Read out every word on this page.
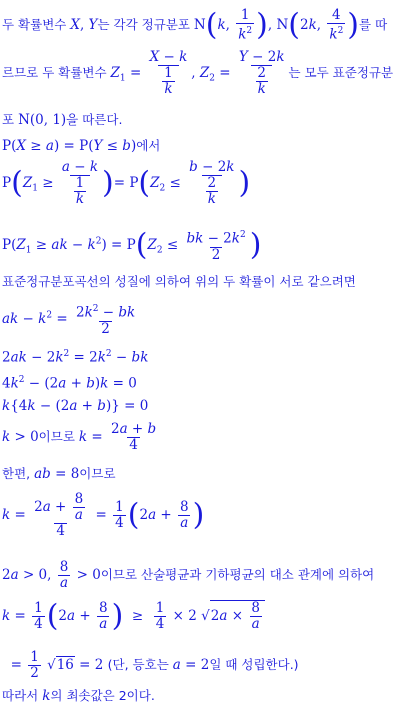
두 확률변수 X, Y는 각각 정규분포 N(k, $\frac{1}{k^2}$ ), N(2k, $\frac{4}{k^2}$ )를 따
르므로 두 확률변수 $Z_1 = \frac{X - k}{\frac{1}{k}}$ , $Z_2 = \frac{Y - 2k}{\frac{2}{k}}$ 는 모두 표준정규분
포 N(0, 1)을 따른다.
P(X ≥ a) = P(Y ≤ b)에서
$P(Z_1 \ge \frac{a - k}{\frac{1}{k}}$ )= $P(Z_2 \le \frac{b - 2k}{\frac{2}{k}}$ )
$P(Z_1$ ≥ ak − $k^2) = P(Z_2 \le \frac{bk - 2k^2}{2}$ )
표준정규분포곡선의 성질에 의하여 위의 두 확률이 서로 같으려면
ak − $k^2 = \frac{2k^2 - bk}{2}$
$2ak - 2k^2 = 2k^2$ − bk
$4k^2 - (2a + b)k = 0$
k{4k − (2a + b)} = 0
k > 0이므로 $k = \frac{2a + b}{4}$
한편, ab = 8이므로
$k = \frac{2a + \frac{8}{a}}{4} = \frac{1}{4} (2a + \frac{8}{a}$ )
2a > 0, $\frac{8}{a} > 0$이므로 산술평균과 기하평균의 대소 관계에 의하여
$k = \frac{1}{4} (2a + \frac{8}{a}$ )  ≥ $\frac{1}{4} \times 2$ $√2a \times \frac{8}{a}$
= $\frac{1}{2} √16 = 2$ (단, 등호는 a = 2일 때 성립한다.)
따라서 k의 최솟값은 2이다.
